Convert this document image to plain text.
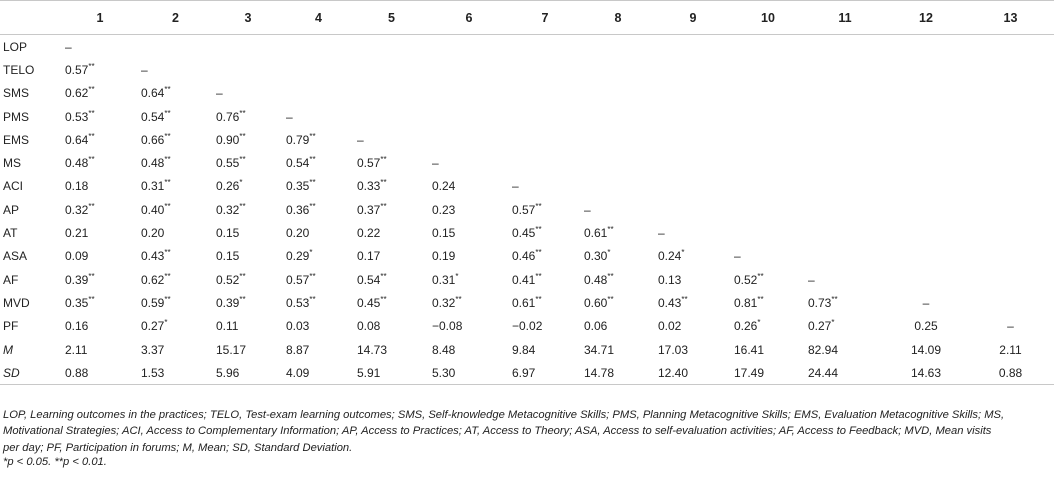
	1	2	3	4	5	6	7	8	9	10	11	12	13
LOP	–												
TELO	0.57**	–											
SMS	0.62**	0.64**	–										
PMS	0.53**	0.54**	0.76**	–									
EMS	0.64**	0.66**	0.90**	0.79**	–								
MS	0.48**	0.48**	0.55**	0.54**	0.57**	–							
ACI	0.18	0.31**	0.26*	0.35**	0.33**	0.24	–						
AP	0.32**	0.40**	0.32**	0.36**	0.37**	0.23	0.57**	–					
AT	0.21	0.20	0.15	0.20	0.22	0.15	0.45**	0.61**	–				
ASA	0.09	0.43**	0.15	0.29*	0.17	0.19	0.46**	0.30*	0.24*	–			
AF	0.39**	0.62**	0.52**	0.57**	0.54**	0.31*	0.41**	0.48**	0.13	0.52**	–		
MVD	0.35**	0.59**	0.39**	0.53**	0.45**	0.32**	0.61**	0.60**	0.43**	0.81**	0.73**	–	
PF	0.16	0.27*	0.11	0.03	0.08	−0.08	−0.02	0.06	0.02	0.26*	0.27*	0.25	–
M	2.11	3.37	15.17	8.87	14.73	8.48	9.84	34.71	17.03	16.41	82.94	14.09	2.11
SD	0.88	1.53	5.96	4.09	5.91	5.30	6.97	14.78	12.40	17.49	24.44	14.63	0.88

LOP, Learning outcomes in the practices; TELO, Test-exam learning outcomes; SMS, Self-knowledge Metacognitive Skills; PMS, Planning Metacognitive Skills; EMS, Evaluation Metacognitive Skills; MS, Motivational Strategies; ACI, Access to Complementary Information; AP, Access to Practices; AT, Access to Theory; ASA, Access to self-evaluation activities; AF, Access to Feedback; MVD, Mean visits per day; PF, Participation in forums; M, Mean; SD, Standard Deviation.

*p < 0.05. **p < 0.01.
